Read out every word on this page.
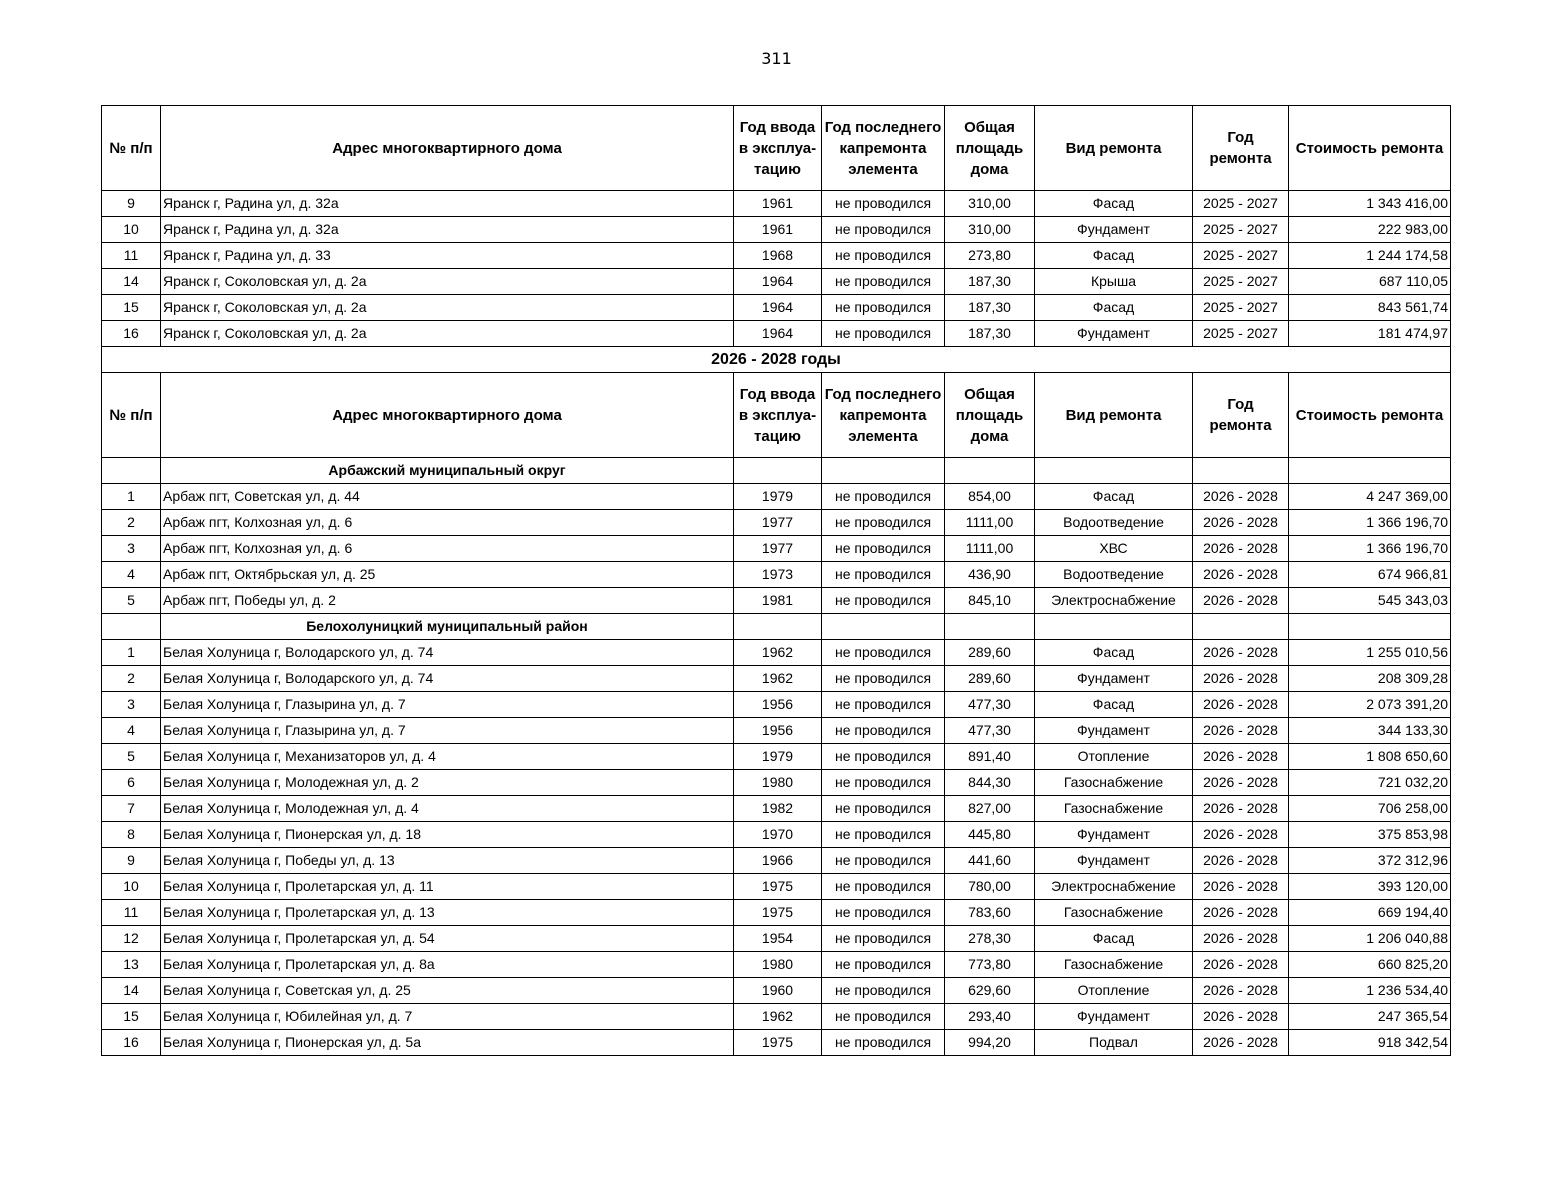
311
№ п/п	Адрес многоквартирного дома	Год ввода в эксплуа-тацию	Год последнего капремонта элемента	Общая площадь дома	Вид ремонта	Год ремонта	Стоимость ремонта
9	Яранск г, Радина ул, д. 32а	1961	не проводился	310,00	Фасад	2025 - 2027	1 343 416,00
10	Яранск г, Радина ул, д. 32а	1961	не проводился	310,00	Фундамент	2025 - 2027	222 983,00
11	Яранск г, Радина ул, д. 33	1968	не проводился	273,80	Фасад	2025 - 2027	1 244 174,58
14	Яранск г, Соколовская ул, д. 2а	1964	не проводился	187,30	Крыша	2025 - 2027	687 110,05
15	Яранск г, Соколовская ул, д. 2а	1964	не проводился	187,30	Фасад	2025 - 2027	843 561,74
16	Яранск г, Соколовская ул, д. 2а	1964	не проводился	187,30	Фундамент	2025 - 2027	181 474,97
2026 - 2028 годы							
№ п/п	Адрес многоквартирного дома	Год ввода в эксплуа-тацию	Год последнего капремонта элемента	Общая площадь дома	Вид ремонта	Год ремонта	Стоимость ремонта
	Арбажский муниципальный округ						
1	Арбаж пгт, Советская ул, д. 44	1979	не проводился	854,00	Фасад	2026 - 2028	4 247 369,00
2	Арбаж пгт, Колхозная ул, д. 6	1977	не проводился	1111,00	Водоотведение	2026 - 2028	1 366 196,70
3	Арбаж пгт, Колхозная ул, д. 6	1977	не проводился	1111,00	ХВС	2026 - 2028	1 366 196,70
4	Арбаж пгт, Октябрьская ул, д. 25	1973	не проводился	436,90	Водоотведение	2026 - 2028	674 966,81
5	Арбаж пгт, Победы ул, д. 2	1981	не проводился	845,10	Электроснабжение	2026 - 2028	545 343,03
	Белохолуницкий муниципальный район						
1	Белая Холуница г, Володарского ул, д. 74	1962	не проводился	289,60	Фасад	2026 - 2028	1 255 010,56
2	Белая Холуница г, Володарского ул, д. 74	1962	не проводился	289,60	Фундамент	2026 - 2028	208 309,28
3	Белая Холуница г, Глазырина ул, д. 7	1956	не проводился	477,30	Фасад	2026 - 2028	2 073 391,20
4	Белая Холуница г, Глазырина ул, д. 7	1956	не проводился	477,30	Фундамент	2026 - 2028	344 133,30
5	Белая Холуница г, Механизаторов ул, д. 4	1979	не проводился	891,40	Отопление	2026 - 2028	1 808 650,60
6	Белая Холуница г, Молодежная ул, д. 2	1980	не проводился	844,30	Газоснабжение	2026 - 2028	721 032,20
7	Белая Холуница г, Молодежная ул, д. 4	1982	не проводился	827,00	Газоснабжение	2026 - 2028	706 258,00
8	Белая Холуница г, Пионерская ул, д. 18	1970	не проводился	445,80	Фундамент	2026 - 2028	375 853,98
9	Белая Холуница г, Победы ул, д. 13	1966	не проводился	441,60	Фундамент	2026 - 2028	372 312,96
10	Белая Холуница г, Пролетарская ул, д. 11	1975	не проводился	780,00	Электроснабжение	2026 - 2028	393 120,00
11	Белая Холуница г, Пролетарская ул, д. 13	1975	не проводился	783,60	Газоснабжение	2026 - 2028	669 194,40
12	Белая Холуница г, Пролетарская ул, д. 54	1954	не проводился	278,30	Фасад	2026 - 2028	1 206 040,88
13	Белая Холуница г, Пролетарская ул, д. 8а	1980	не проводился	773,80	Газоснабжение	2026 - 2028	660 825,20
14	Белая Холуница г, Советская ул, д. 25	1960	не проводился	629,60	Отопление	2026 - 2028	1 236 534,40
15	Белая Холуница г, Юбилейная ул, д. 7	1962	не проводился	293,40	Фундамент	2026 - 2028	247 365,54
16	Белая Холуница г, Пионерская ул, д. 5а	1975	не проводился	994,20	Подвал	2026 - 2028	918 342,54
